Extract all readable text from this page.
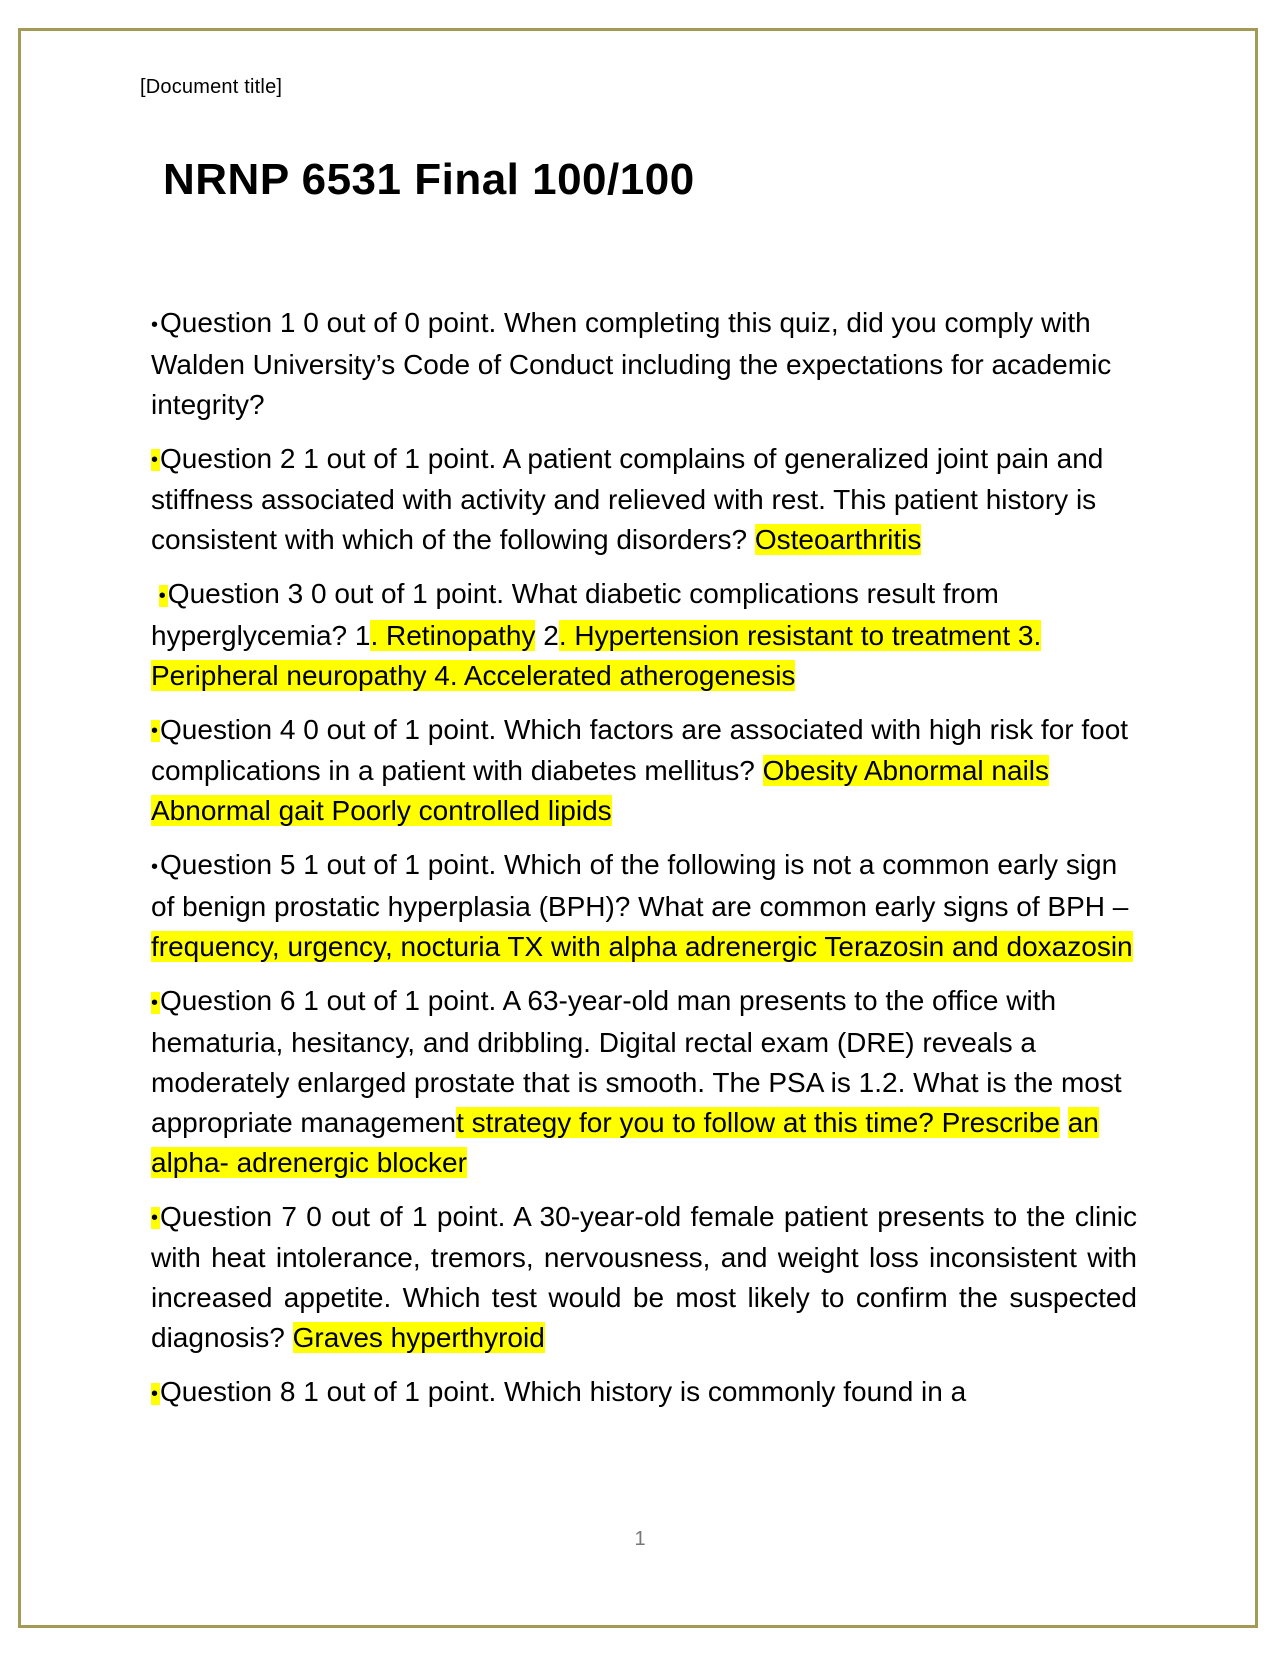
[Document title]
NRNP 6531 Final 100/100

•Question 1 0 out of 0 point. When completing this quiz, did you comply with Walden University’s Code of Conduct including the expectations for academic integrity?

•Question 2 1 out of 1 point. A patient complains of generalized joint pain and stiffness associated with activity and relieved with rest. This patient history is consistent with which of the following disorders? Osteoarthritis

•Question 3 0 out of 1 point. What diabetic complications result from hyperglycemia? 1. Retinopathy 2. Hypertension resistant to treatment 3. Peripheral neuropathy 4. Accelerated atherogenesis

•Question 4 0 out of 1 point. Which factors are associated with high risk for foot complications in a patient with diabetes mellitus? Obesity Abnormal nails Abnormal gait Poorly controlled lipids

•Question 5 1 out of 1 point. Which of the following is not a common early sign of benign prostatic hyperplasia (BPH)? What are common early signs of BPH – frequency, urgency, nocturia TX with alpha adrenergic Terazosin and doxazosin

•Question 6 1 out of 1 point. A 63-year-old man presents to the office with hematuria, hesitancy, and dribbling. Digital rectal exam (DRE) reveals a moderately enlarged prostate that is smooth. The PSA is 1.2. What is the most appropriate management strategy for you to follow at this time? Prescribe an alpha- adrenergic blocker

•Question 7 0 out of 1 point. A 30-year-old female patient presents to the clinic with heat intolerance, tremors, nervousness, and weight loss inconsistent with increased appetite. Which test would be most likely to confirm the suspected diagnosis? Graves hyperthyroid

•Question 8 1 out of 1 point. Which history is commonly found in a

1
